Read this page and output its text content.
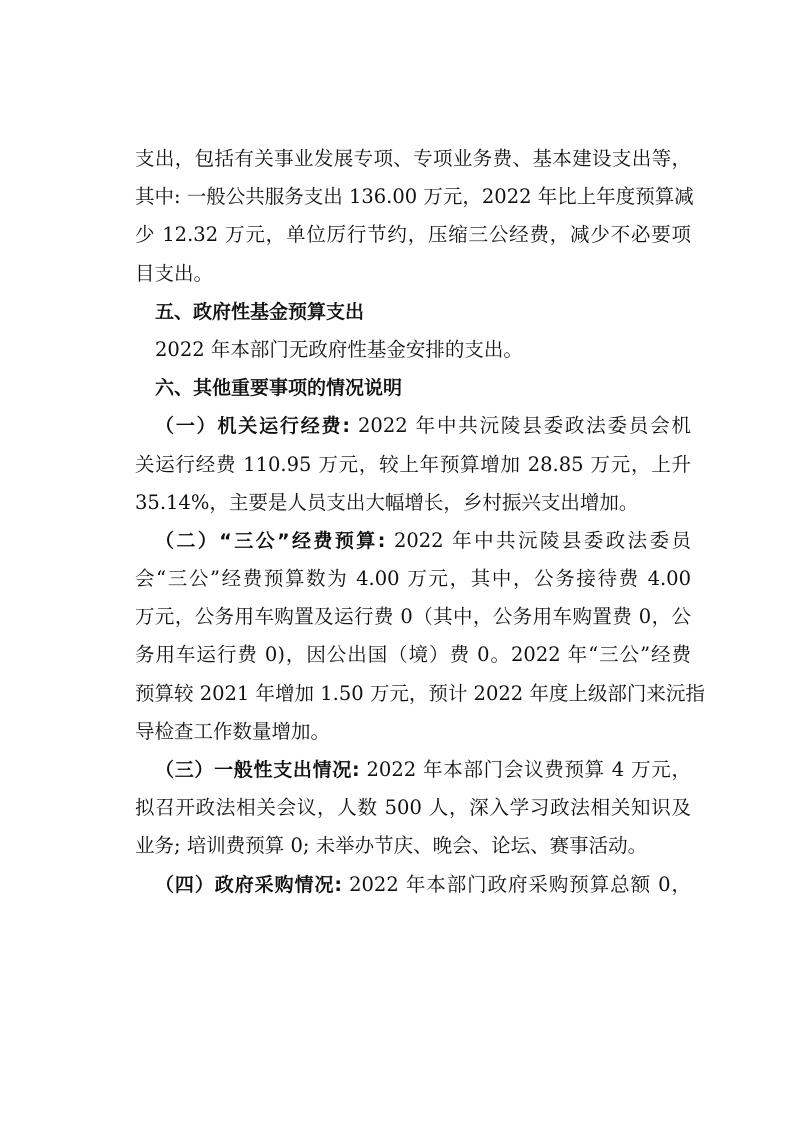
支出，包括有关事业发展专项、专项业务费、基本建设支出等，
其中: 一般公共服务支出 136.00 万元，2022 年比上年度预算减
少 12.32 万元，单位厉行节约，压缩三公经费，减少不必要项
目支出。
五、政府性基金预算支出
2022 年本部门无政府性基金安排的支出。
六、其他重要事项的情况说明
（一）机关运行经费: 2022 年中共沅陵县委政法委员会机
关运行经费 110.95 万元，较上年预算增加 28.85 万元，上升
35.14%，主要是人员支出大幅增长，乡村振兴支出增加。
（二）“三公”经费预算: 2022 年中共沅陵县委政法委员
会“三公”经费预算数为 4.00 万元，其中，公务接待费 4.00
万元，公务用车购置及运行费 0（其中，公务用车购置费 0，公
务用车运行费 0)，因公出国（境）费 0。2022 年“三公”经费
预算较 2021 年增加 1.50 万元，预计 2022 年度上级部门来沅指
导检查工作数量增加。
（三）一般性支出情况: 2022 年本部门会议费预算 4 万元，
拟召开政法相关会议，人数 500 人，深入学习政法相关知识及
业务; 培训费预算 0; 未举办节庆、晚会、论坛、赛事活动。
（四）政府采购情况: 2022 年本部门政府采购预算总额 0，
